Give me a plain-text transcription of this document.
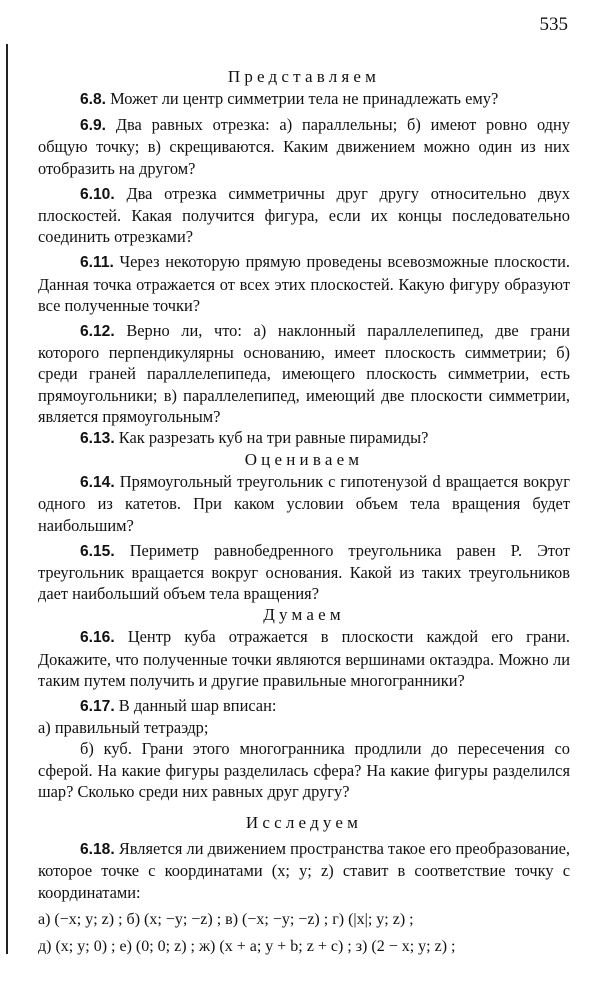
535

Представляем

6.8. Может ли центр симметрии тела не принадлежать ему?

6.9. Два равных отрезка: а) параллельны; б) имеют ровно одну общую точку; в) скрещиваются. Каким движением можно один из них отобразить на другом?

6.10. Два отрезка симметричны друг другу относительно двух плоскостей. Какая получится фигура, если их концы последовательно соединить отрезками?

6.11. Через некоторую прямую проведены всевозможные плоскости. Данная точка отражается от всех этих плоскостей. Какую фигуру образуют все полученные точки?

6.12. Верно ли, что: а) наклонный параллелепипед, две грани которого перпендикулярны основанию, имеет плоскость симметрии; б) среди граней параллелепипеда, имеющего плоскость симметрии, есть прямоугольники; в) параллелепипед, имеющий две плоскости симметрии, является прямоугольным?

6.13. Как разрезать куб на три равные пирамиды?

Оцениваем

6.14. Прямоугольный треугольник с гипотенузой d вращается вокруг одного из катетов. При каком условии объем тела вращения будет наибольшим?

6.15. Периметр равнобедренного треугольника равен P. Этот треугольник вращается вокруг основания. Какой из таких треугольников дает наибольший объем тела вращения?

Думаем

6.16. Центр куба отражается в плоскости каждой его грани. Докажите, что полученные точки являются вершинами октаэдра. Можно ли таким путем получить и другие правильные многогранники?

6.17. В данный шар вписан:

а) правильный тетраэдр;

б) куб. Грани этого многогранника продлили до пересечения со сферой. На какие фигуры разделилась сфера? На какие фигуры разделился шар? Сколько среди них равных друг другу?

Исследуем

6.18. Является ли движением пространства такое его преобразование, которое точке с координатами (x; y; z) ставит в соответствие точку с координатами:

а) (−x; y; z) ; б) (x; −y; −z) ; в) (−x; −y; −z) ; г) (|x|; y; z) ;

д) (x; y; 0) ; е) (0; 0; z) ; ж) (x + a; y + b; z + c) ; з) (2 − x; y; z) ;
